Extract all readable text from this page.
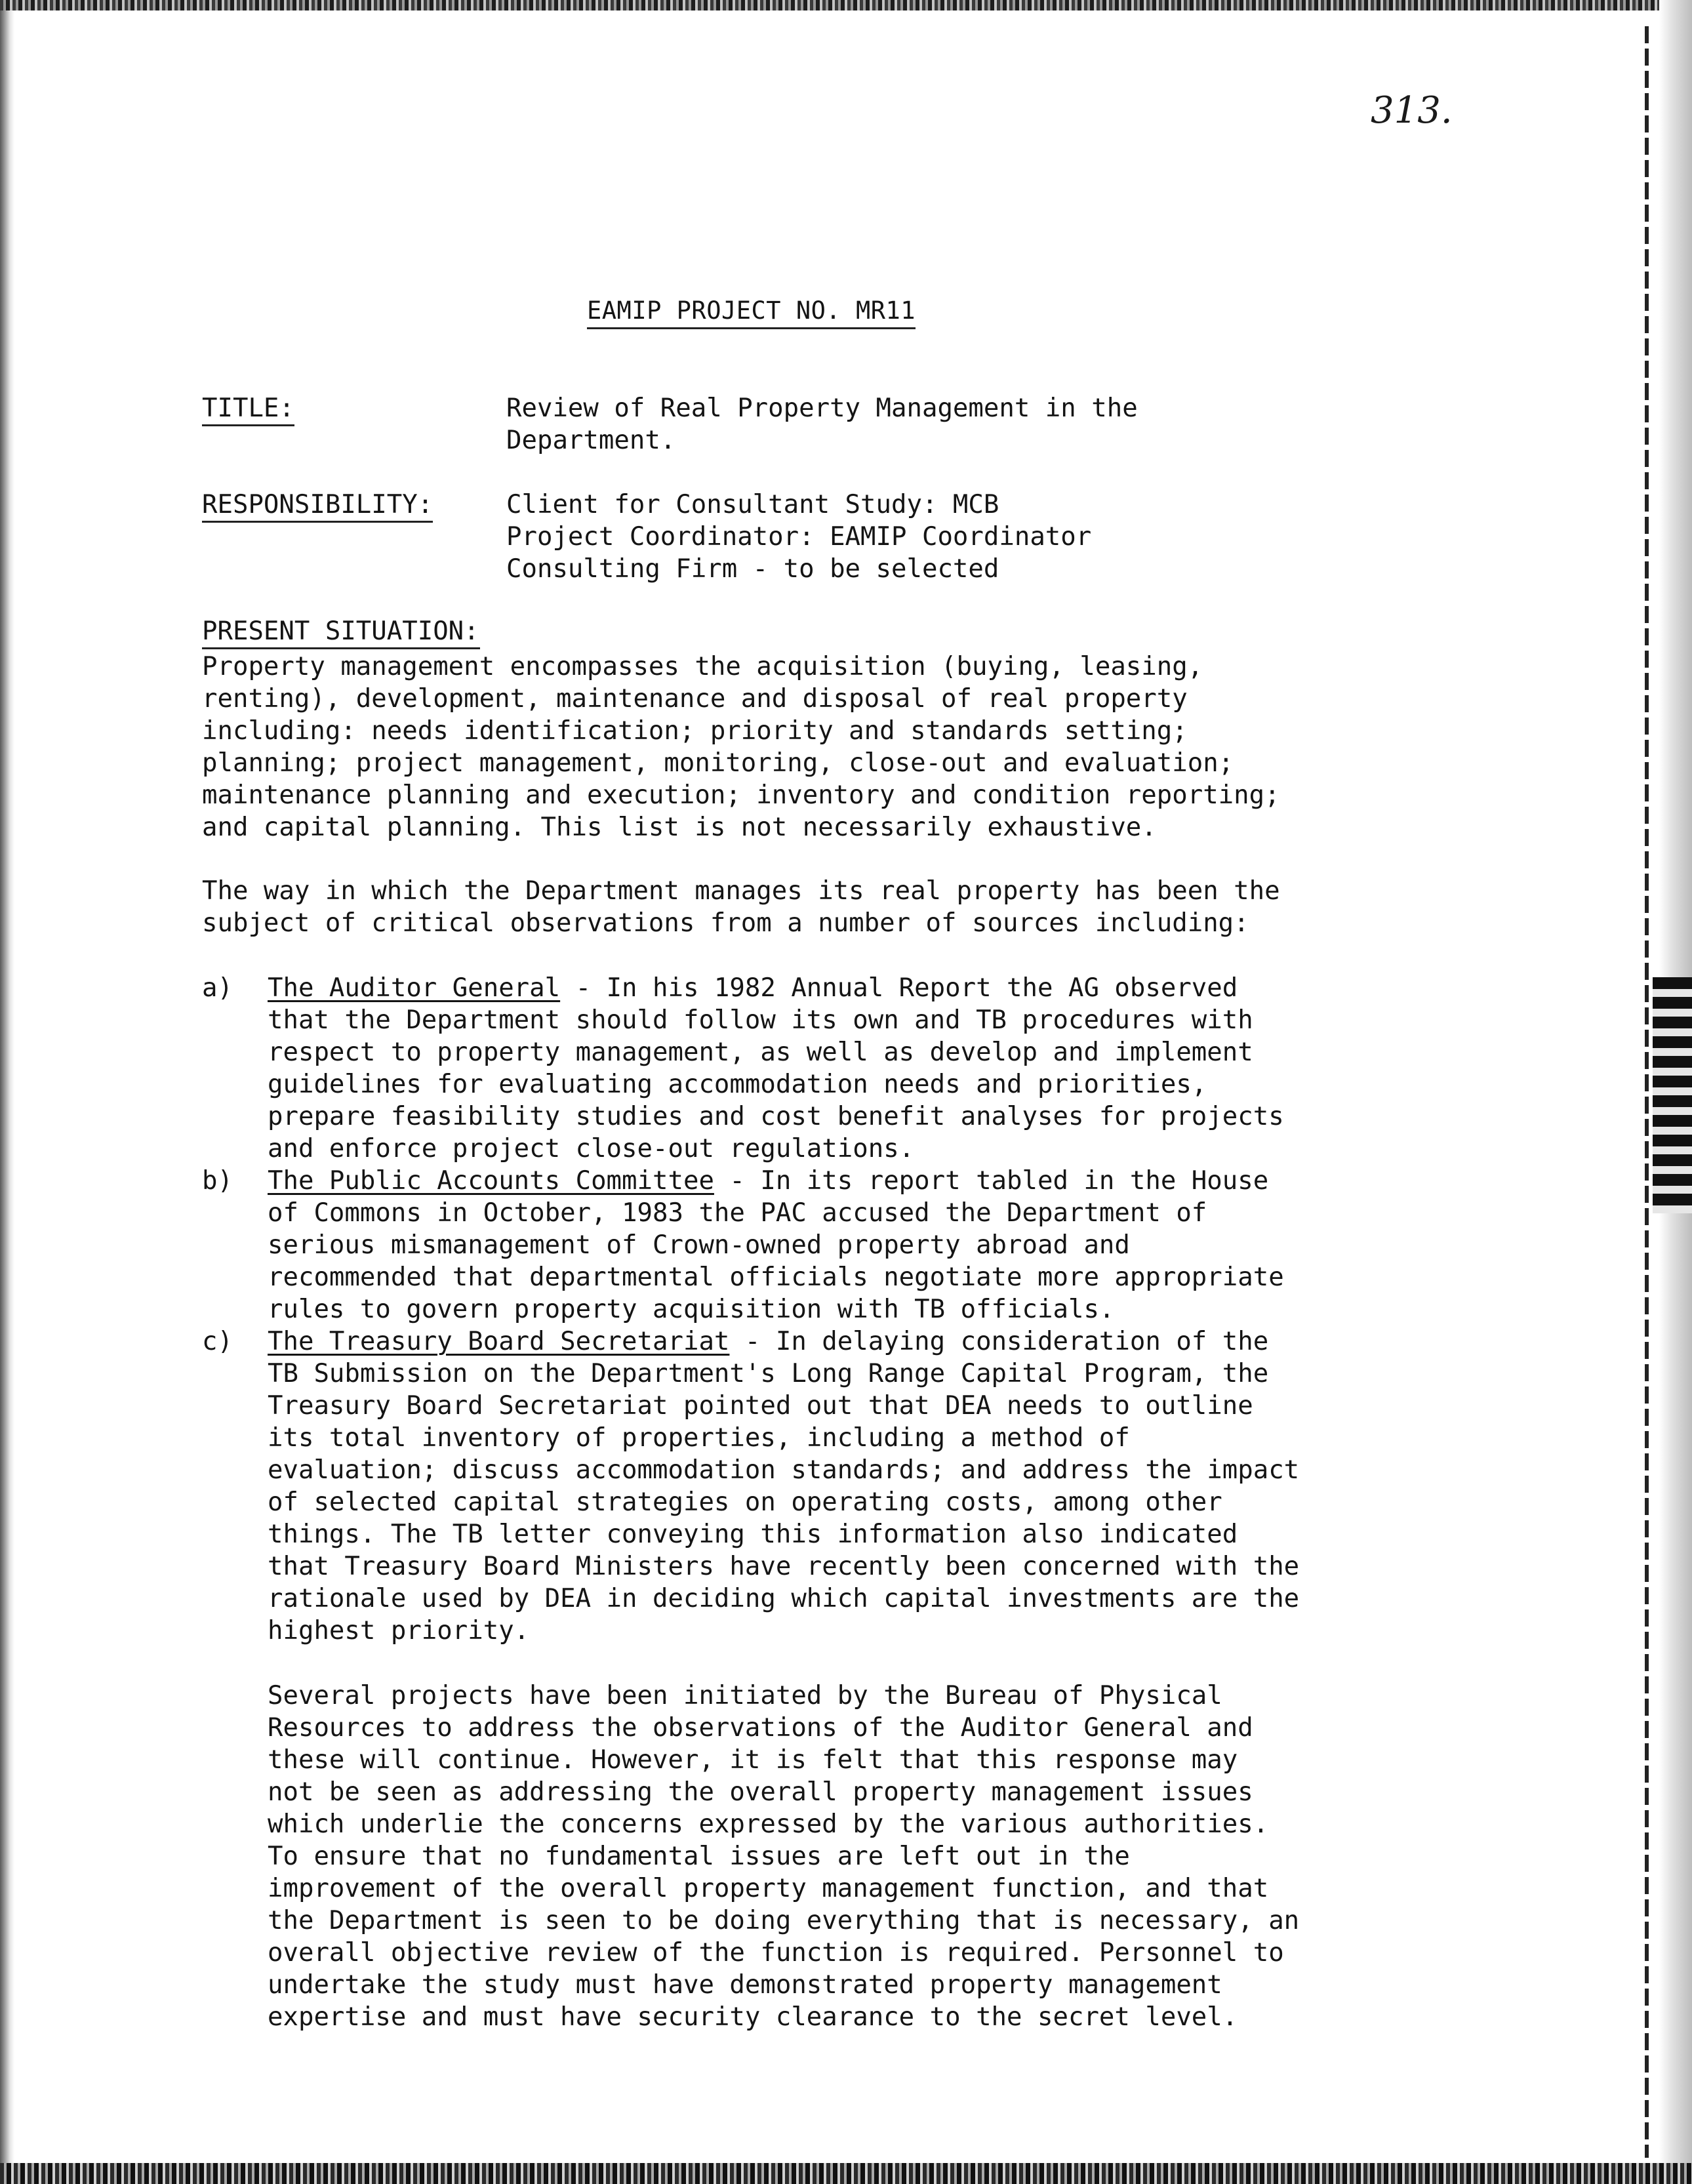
313.
EAMIP PROJECT NO. MR11
TITLE:	Review of Real Property Management in the
Department.
RESPONSIBILITY:	Client for Consultant Study: MCB
Project Coordinator: EAMIP Coordinator
Consulting Firm - to be selected
PRESENT SITUATION:
Property management encompasses the acquisition (buying, leasing,
renting), development, maintenance and disposal of real property
including: needs identification; priority and standards setting;
planning; project management, monitoring, close-out and evaluation;
maintenance planning and execution; inventory and condition reporting;
and capital planning. This list is not necessarily exhaustive.
The way in which the Department manages its real property has been the
subject of critical observations from a number of sources including:
a) The Auditor General - In his 1982 Annual Report the AG observed
that the Department should follow its own and TB procedures with
respect to property management, as well as develop and implement
guidelines for evaluating accommodation needs and priorities,
prepare feasibility studies and cost benefit analyses for projects
and enforce project close-out regulations.
b) The Public Accounts Committee - In its report tabled in the House
of Commons in October, 1983 the PAC accused the Department of
serious mismanagement of Crown-owned property abroad and
recommended that departmental officials negotiate more appropriate
rules to govern property acquisition with TB officials.
c) The Treasury Board Secretariat - In delaying consideration of the
TB Submission on the Department's Long Range Capital Program, the
Treasury Board Secretariat pointed out that DEA needs to outline
its total inventory of properties, including a method of
evaluation; discuss accommodation standards; and address the impact
of selected capital strategies on operating costs, among other
things. The TB letter conveying this information also indicated
that Treasury Board Ministers have recently been concerned with the
rationale used by DEA in deciding which capital investments are the
highest priority.
Several projects have been initiated by the Bureau of Physical
Resources to address the observations of the Auditor General and
these will continue. However, it is felt that this response may
not be seen as addressing the overall property management issues
which underlie the concerns expressed by the various authorities.
To ensure that no fundamental issues are left out in the
improvement of the overall property management function, and that
the Department is seen to be doing everything that is necessary, an
overall objective review of the function is required. Personnel to
undertake the study must have demonstrated property management
expertise and must have security clearance to the secret level.
